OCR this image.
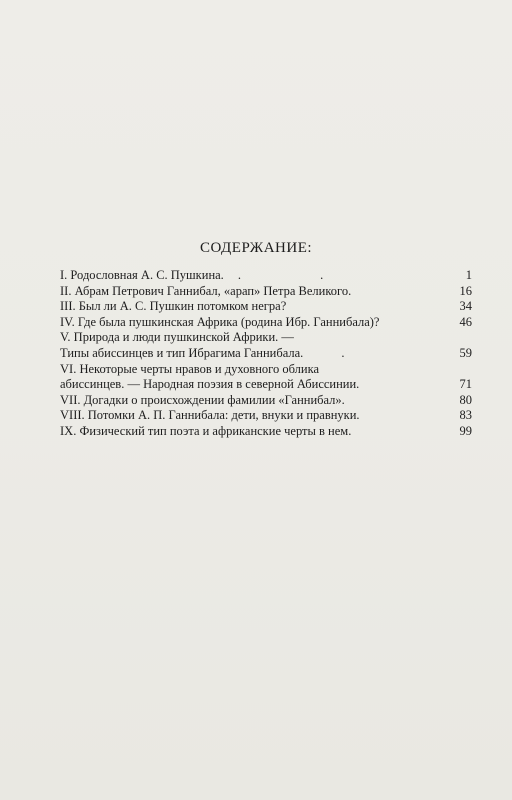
СОДЕРЖАНИЕ:
I. Родословная А. С. Пушкина. . .	1
II. Абрам Петрович Ганнибал, «арап» Петра Великого.	16
III. Был ли А. С. Пушкин потомком негра?	34
IV. Где была пушкинская Африка (родина Ибр. Ганнибала)?	46
V. Природа и люди пушкинской Африки. —
Типы абиссинцев и тип Ибрагима Ганнибала.	.	59
VI. Некоторые черты нравов и духовного облика
абиссинцев. — Народная поэзия в северной Абиссинии.	71
VII. Догадки о происхождении фамилии «Ганнибал».	80
VIII. Потомки А. П. Ганнибала: дети, внуки и правнуки.	83
IX. Физический тип поэта и африканские черты в нем.	99
